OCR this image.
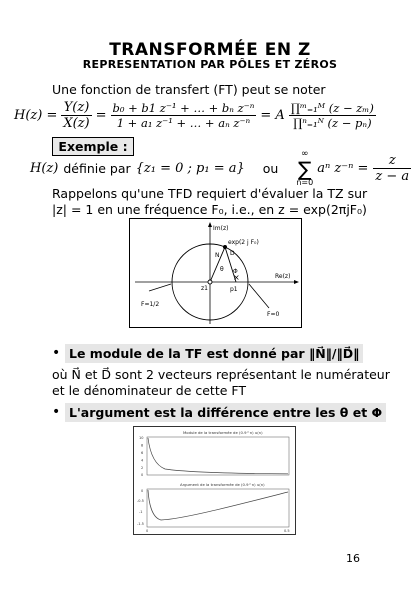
TRANSFORMÉE EN Z
REPRESENTATION PAR PÔLES ET ZÉROS
Une fonction de transfert (FT) peut se noter
$H(z) = \frac{Y(z)}{X(z)} = \frac{\text{b₀ + b1 z⁻¹ + … + bₙ z⁻ⁿ}}{\text{1 + a₁ z⁻¹ + … + aₙ z⁻ⁿ}} = A \frac{\text{∏ᵐ₌₁ᴹ (z − zₘ)}}{\text{∏ⁿ₌₁ᴺ (z − pₙ)}}$
Exemple :
H(z) définie par {z₁ = 0 ; p₁ = a} ou
∞
∑
n=0
aⁿ $z^{-n} = \frac{z}{z - a}$
Rappelons qu'une TFD requiert d'évaluer la TZ sur
|z| = 1 en une fréquence F₀, i.e., en z = exp(2πjF₀)
×
Im(z)
Re(z)
exp(2 j F₀)
N D
θ Φ
z1	p1
F=1/2
F=0
• Le module de la TF est donné par ‖N⃗‖/‖D⃗‖
où N⃗ et D⃗ sont 2 vecteurs représentant le numérateur
et le dénominateur de cette FT
• L'argument est la différence entre les θ et Φ
Module de la transformée de (0.9^n) u(n)
10
8
6
4
2
0
Argument de la transformée de (0.9^n) u(n)
0
-0.5
-1
-1.5
0	0.5
16
